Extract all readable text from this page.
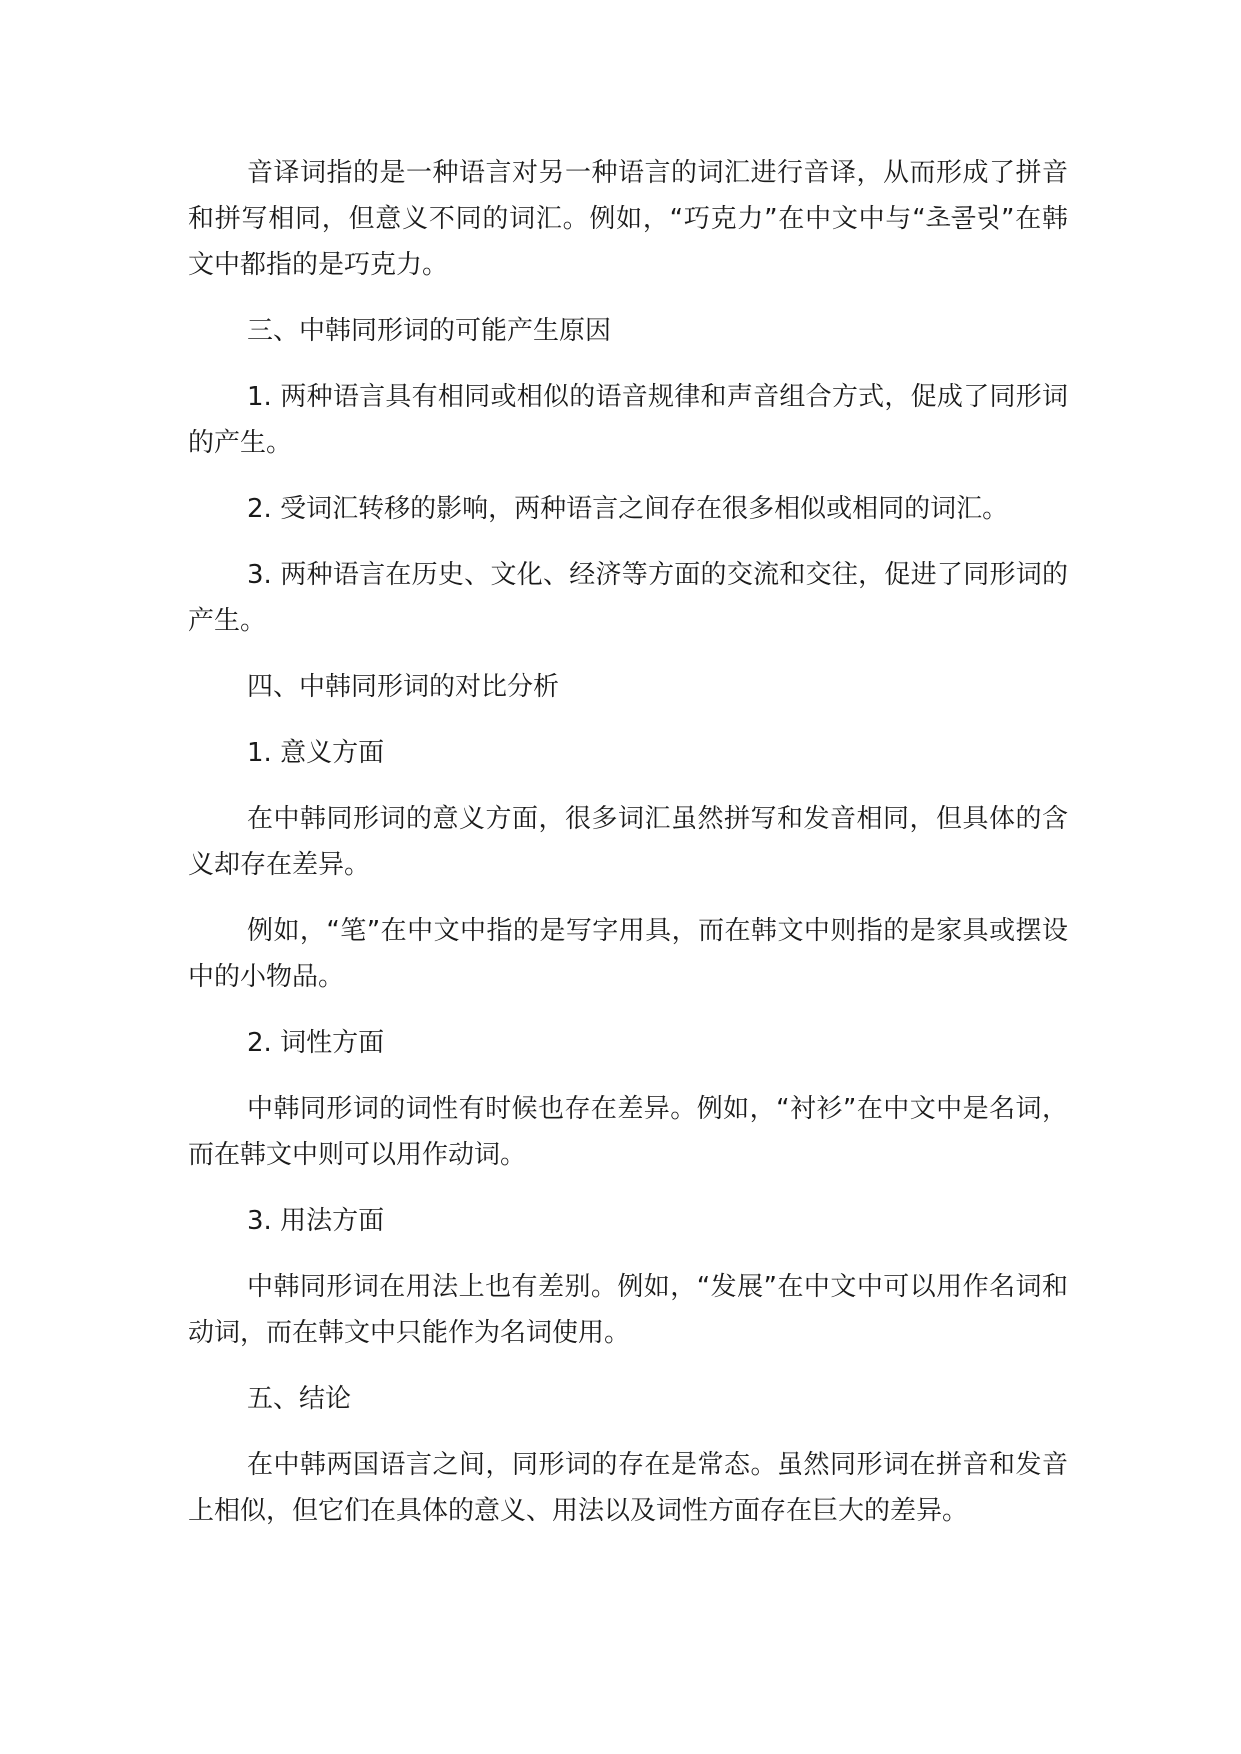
音译词指的是一种语言对另一种语言的词汇进行音译，从而形成了拼音和拼写相同，但意义不同的词汇。例如，“巧克力”在中文中与“초콜릿”在韩文中都指的是巧克力。

三、中韩同形词的可能产生原因

1. 两种语言具有相同或相似的语音规律和声音组合方式，促成了同形词的产生。

2. 受词汇转移的影响，两种语言之间存在很多相似或相同的词汇。

3. 两种语言在历史、文化、经济等方面的交流和交往，促进了同形词的产生。

四、中韩同形词的对比分析

1. 意义方面

在中韩同形词的意义方面，很多词汇虽然拼写和发音相同，但具体的含义却存在差异。

例如，“笔”在中文中指的是写字用具，而在韩文中则指的是家具或摆设中的小物品。

2. 词性方面

中韩同形词的词性有时候也存在差异。例如，“衬衫”在中文中是名词，而在韩文中则可以用作动词。

3. 用法方面

中韩同形词在用法上也有差别。例如，“发展”在中文中可以用作名词和动词，而在韩文中只能作为名词使用。

五、结论

在中韩两国语言之间，同形词的存在是常态。虽然同形词在拼音和发音上相似，但它们在具体的意义、用法以及词性方面存在巨大的差异。
